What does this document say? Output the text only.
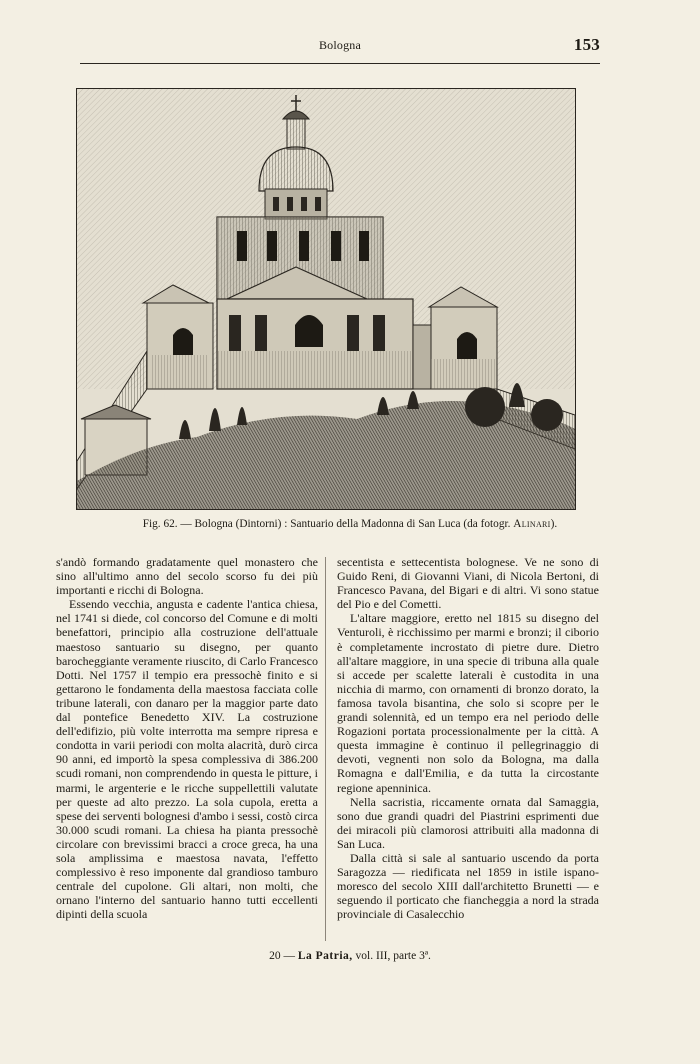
Bologna	153
Fig. 62. — Bologna (Dintorni) : Santuario della Madonna di San Luca (da fotogr. Alinari).

s'andò formando gradatamente quel monastero che sino all'ultimo anno del secolo scorso fu dei più importanti e ricchi di Bologna.

Essendo vecchia, angusta e cadente l'antica chiesa, nel 1741 si diede, col concorso del Comune e di molti benefattori, principio alla costruzione dell'attuale maestoso santuario su disegno, per quanto barocheggiante veramente riuscito, di Carlo Francesco Dotti. Nel 1757 il tempio era pressochè finito e si gettarono le fondamenta della maestosa facciata colle tribune laterali, con danaro per la maggior parte dato dal pontefice Benedetto XIV. La costruzione dell'edifizio, più volte interrotta ma sempre ripresa e condotta in varii periodi con molta alacrità, durò circa 90 anni, ed importò la spesa complessiva di 386.200 scudi romani, non comprendendo in questa le pitture, i marmi, le argenterie e le ricche suppellettili valutate per queste ad alto prezzo. La sola cupola, eretta a spese dei serventi bolognesi d'ambo i sessi, costò circa 30.000 scudi romani. La chiesa ha pianta pressochè circolare con brevissimi bracci a croce greca, ha una sola amplissima e maestosa navata, l'effetto complessivo è reso imponente dal grandioso tamburo centrale del cupolone. Gli altari, non molti, che ornano l'interno del santuario hanno tutti eccellenti dipinti della scuola

secentista e settecentista bolognese. Ve ne sono di Guido Reni, di Giovanni Viani, di Nicola Bertoni, di Francesco Pavana, del Bigari e di altri. Vi sono statue del Pio e del Cometti.

L'altare maggiore, eretto nel 1815 su disegno del Venturoli, è ricchissimo per marmi e bronzi; il ciborio è completamente incrostato di pietre dure. Dietro all'altare maggiore, in una specie di tribuna alla quale si accede per scalette laterali è custodita in una nicchia di marmo, con ornamenti di bronzo dorato, la famosa tavola bisantina, che solo si scopre per le grandi solennità, ed un tempo era nel periodo delle Rogazioni portata processionalmente per la città. A questa immagine è continuo il pellegrinaggio di devoti, vegnenti non solo da Bologna, ma dalla Romagna e dall'Emilia, e da tutta la circostante regione apenninica.

Nella sacristia, riccamente ornata dal Samaggia, sono due grandi quadri del Piastrini esprimenti due dei miracoli più clamorosi attribuiti alla madonna di San Luca.

Dalla città si sale al santuario uscendo da porta Saragozza — riedificata nel 1859 in istile ispano-moresco del secolo XIII dall'architetto Brunetti — e seguendo il porticato che fiancheggia a nord la strada provinciale di Casalecchio

20 — La Patria, vol. III, parte 3ª.
